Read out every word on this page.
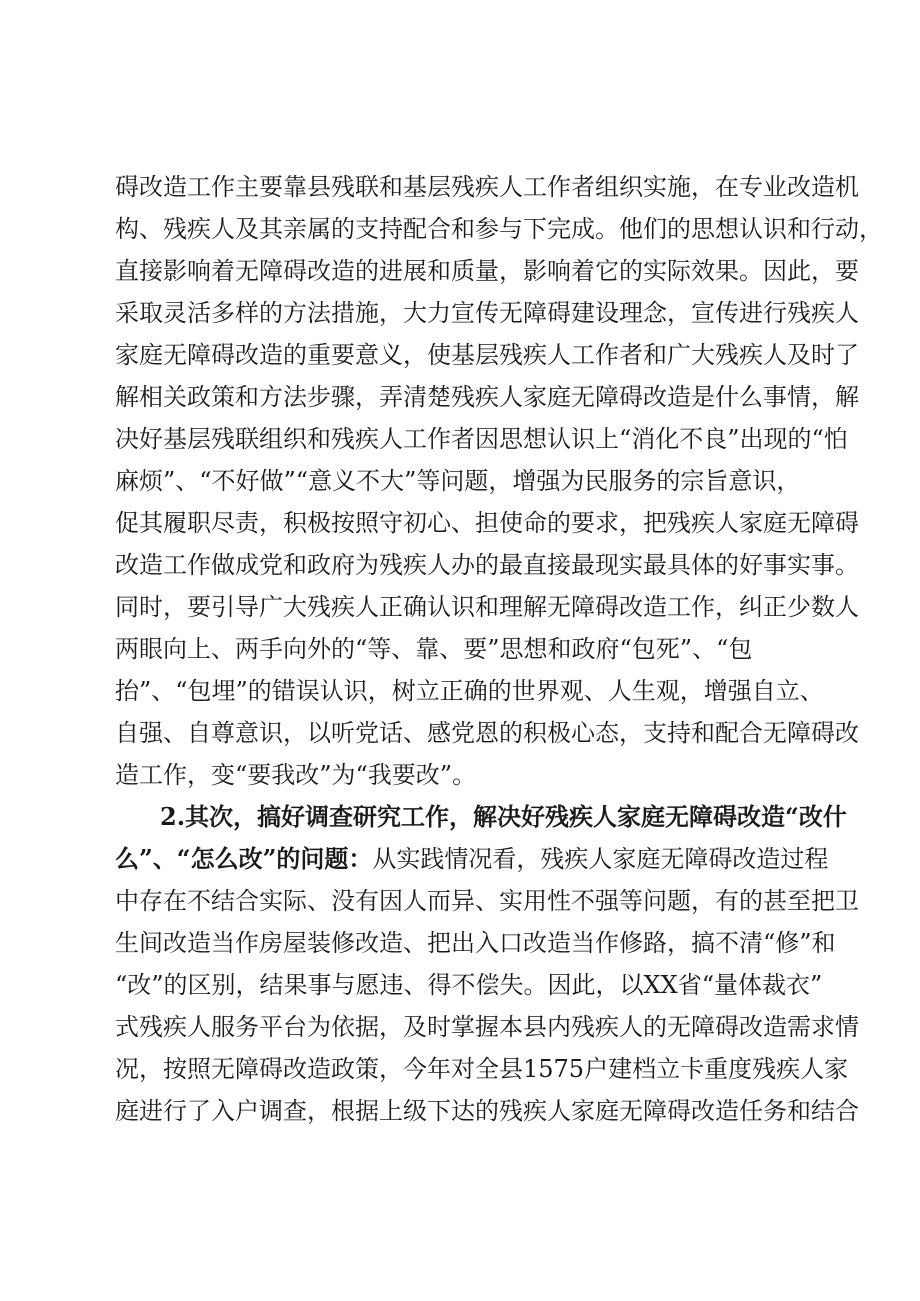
碍改造工作主要靠县残联和基层残疾人工作者组织实施，在专业改造机
构、残疾人及其亲属的支持配合和参与下完成。他们的思想认识和行动，
直接影响着无障碍改造的进展和质量，影响着它的实际效果。因此，要
采取灵活多样的方法措施，大力宣传无障碍建设理念，宣传进行残疾人
家庭无障碍改造的重要意义，使基层残疾人工作者和广大残疾人及时了
解相关政策和方法步骤，弄清楚残疾人家庭无障碍改造是什么事情，解
决好基层残联组织和残疾人工作者因思想认识上“消化不良”出现的“怕
麻烦”、“不好做”“意义不大”等问题，增强为民服务的宗旨意识，
促其履职尽责，积极按照守初心、担使命的要求，把残疾人家庭无障碍
改造工作做成党和政府为残疾人办的最直接最现实最具体的好事实事。
同时，要引导广大残疾人正确认识和理解无障碍改造工作，纠正少数人
两眼向上、两手向外的“等、靠、要”思想和政府“包死”、“包
抬”、“包埋”的错误认识，树立正确的世界观、人生观，增强自立、
自强、自尊意识，以听党话、感党恩的积极心态，支持和配合无障碍改
造工作，变“要我改”为“我要改”。
2.其次，搞好调查研究工作，解决好残疾人家庭无障碍改造“改什
么”、“怎么改”的问题：从实践情况看，残疾人家庭无障碍改造过程
中存在不结合实际、没有因人而异、实用性不强等问题，有的甚至把卫
生间改造当作房屋装修改造、把出入口改造当作修路，搞不清“修”和
“改”的区别，结果事与愿违、得不偿失。因此，以XX省“量体裁衣”
式残疾人服务平台为依据，及时掌握本县内残疾人的无障碍改造需求情
况，按照无障碍改造政策，今年对全县1575户建档立卡重度残疾人家
庭进行了入户调查，根据上级下达的残疾人家庭无障碍改造任务和结合
